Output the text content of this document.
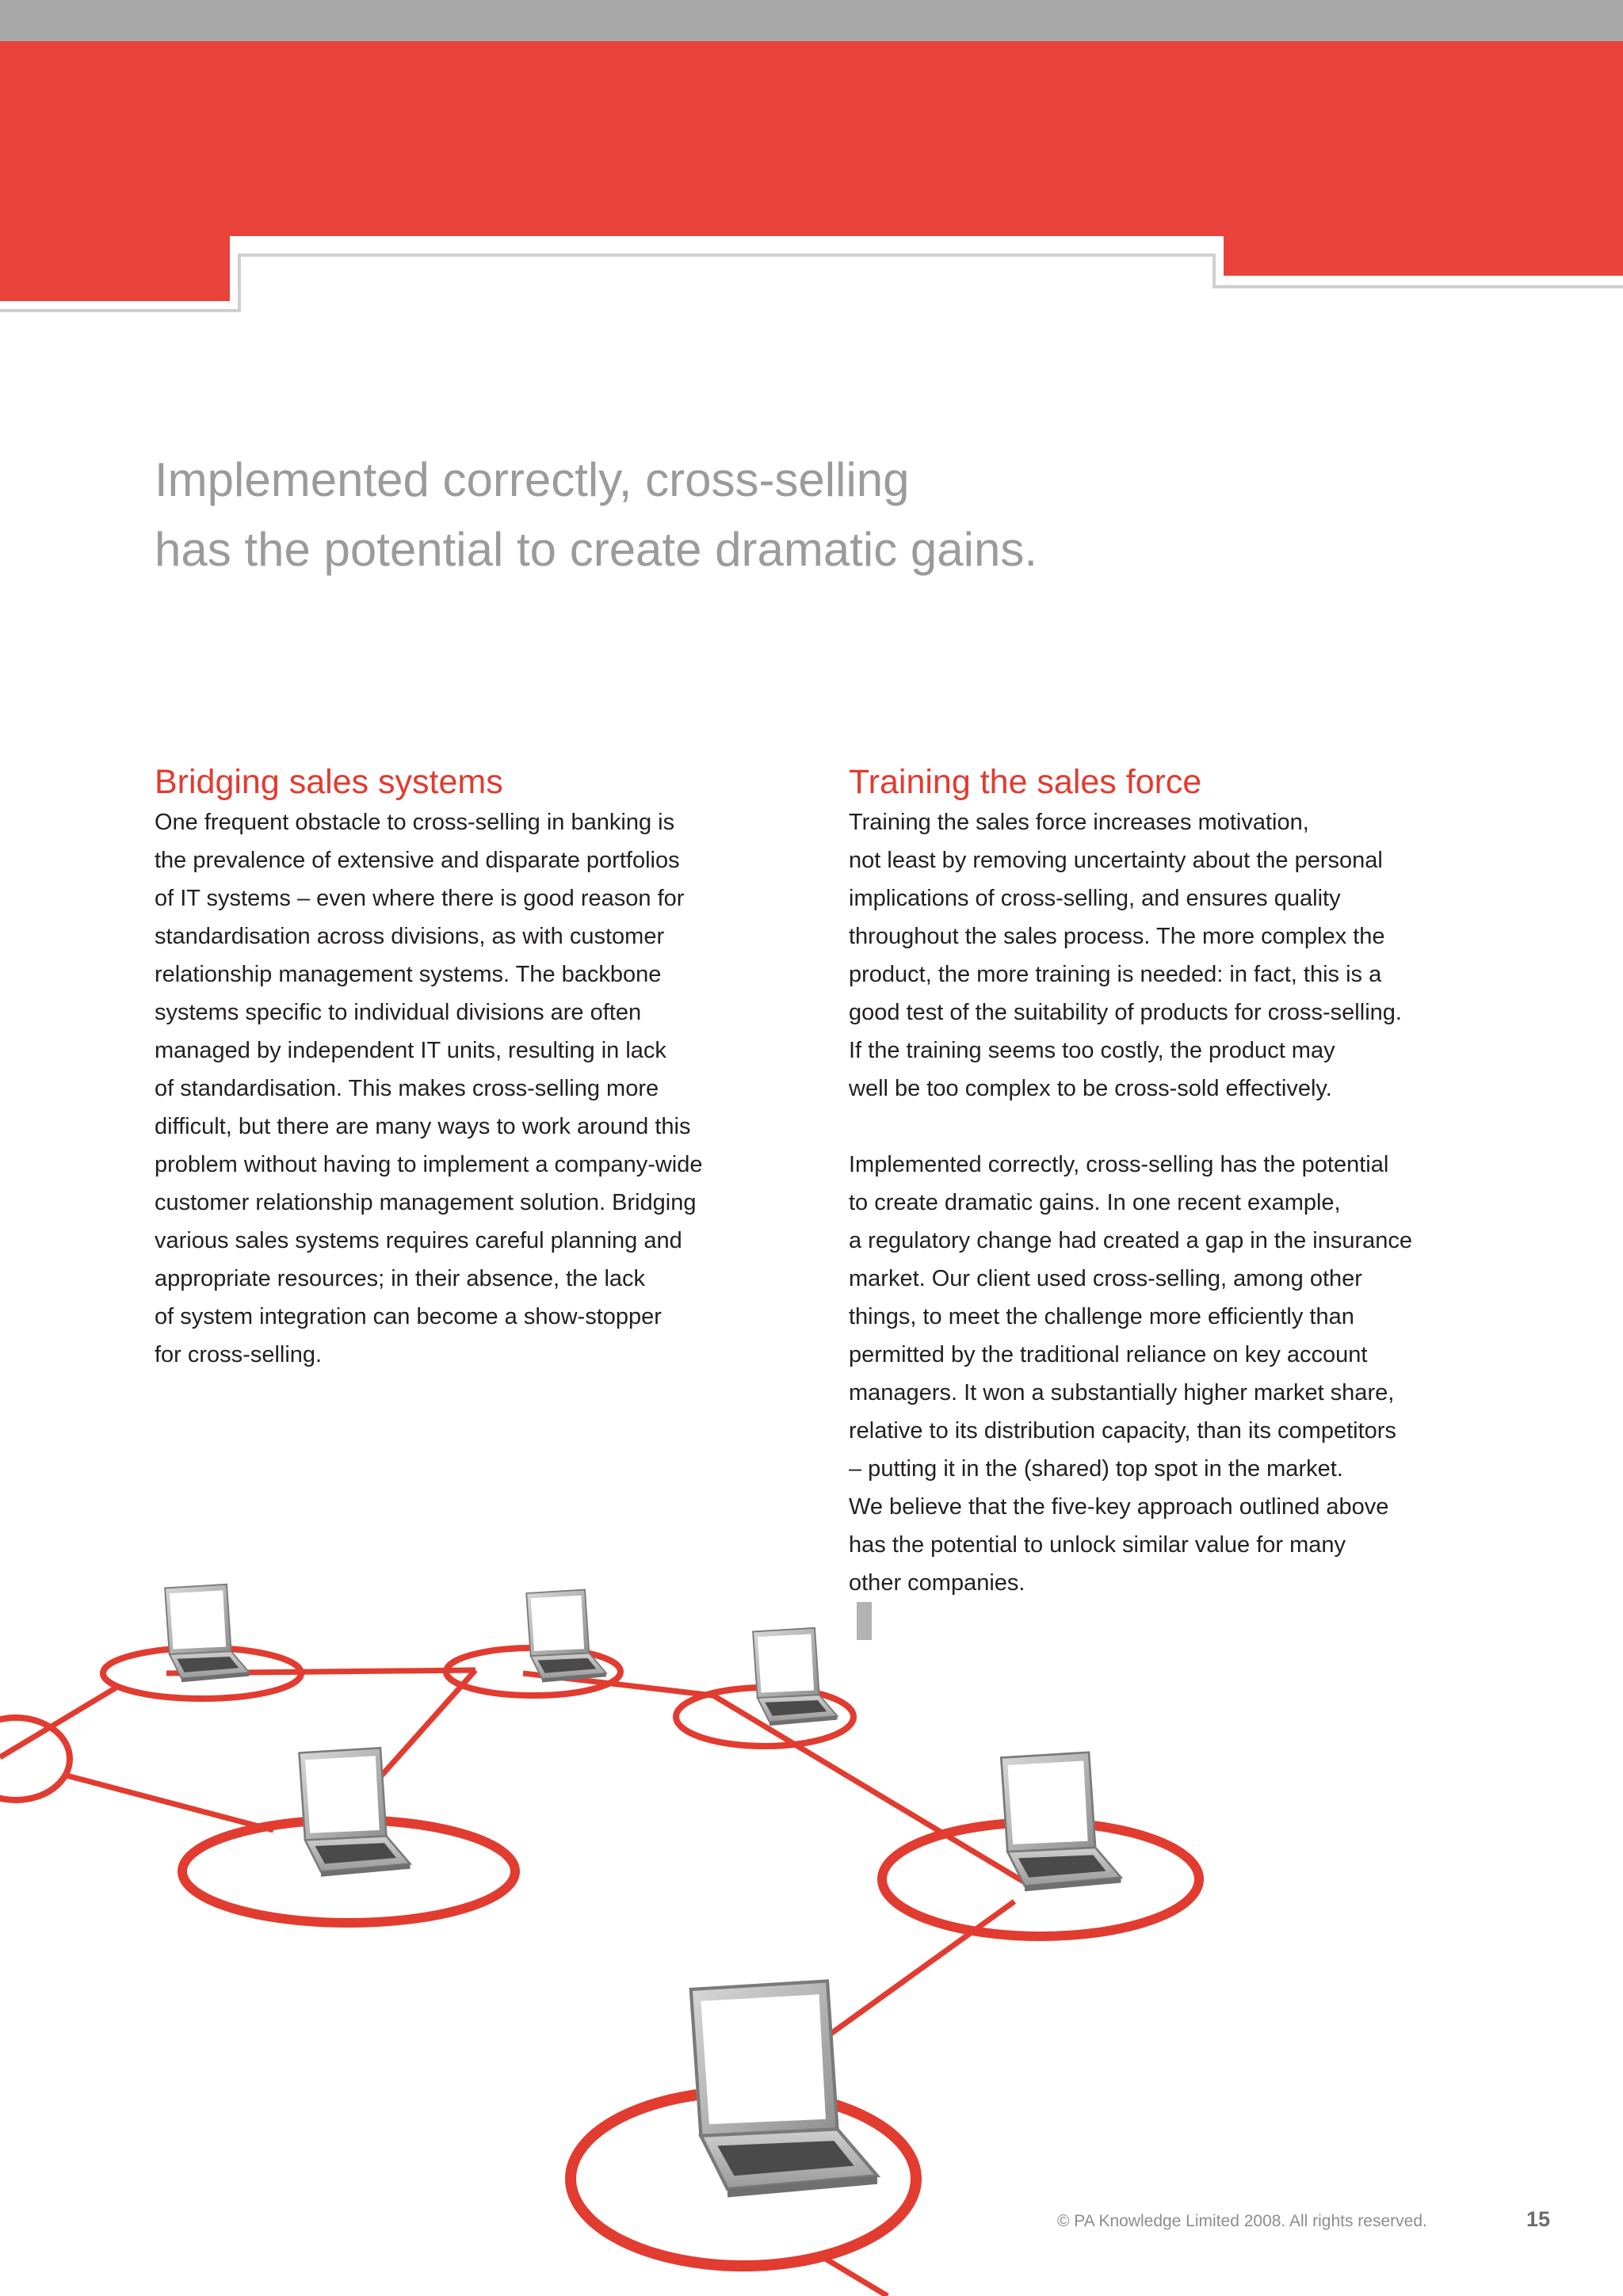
Implemented correctly, cross-selling
has the potential to create dramatic gains.
Bridging sales systems
One frequent obstacle to cross-selling in banking is
the prevalence of extensive and disparate portfolios
of IT systems – even where there is good reason for
standardisation across divisions, as with customer
relationship management systems. The backbone
systems specific to individual divisions are often
managed by independent IT units, resulting in lack
of standardisation. This makes cross-selling more
difficult, but there are many ways to work around this
problem without having to implement a company-wide
customer relationship management solution. Bridging
various sales systems requires careful planning and
appropriate resources; in their absence, the lack
of system integration can become a show-stopper
for cross-selling.
Training the sales force
Training the sales force increases motivation,
not least by removing uncertainty about the personal
implications of cross-selling, and ensures quality
throughout the sales process. The more complex the
product, the more training is needed: in fact, this is a
good test of the suitability of products for cross-selling.
If the training seems too costly, the product may
well be too complex to be cross-sold effectively.
Implemented correctly, cross-selling has the potential
to create dramatic gains. In one recent example,
a regulatory change had created a gap in the insurance
market. Our client used cross-selling, among other
things, to meet the challenge more efficiently than
permitted by the traditional reliance on key account
managers. It won a substantially higher market share,
relative to its distribution capacity, than its competitors
– putting it in the (shared) top spot in the market.
We believe that the five-key approach outlined above
has the potential to unlock similar value for many
other companies.
© PA Knowledge Limited 2008. All rights reserved.	15
